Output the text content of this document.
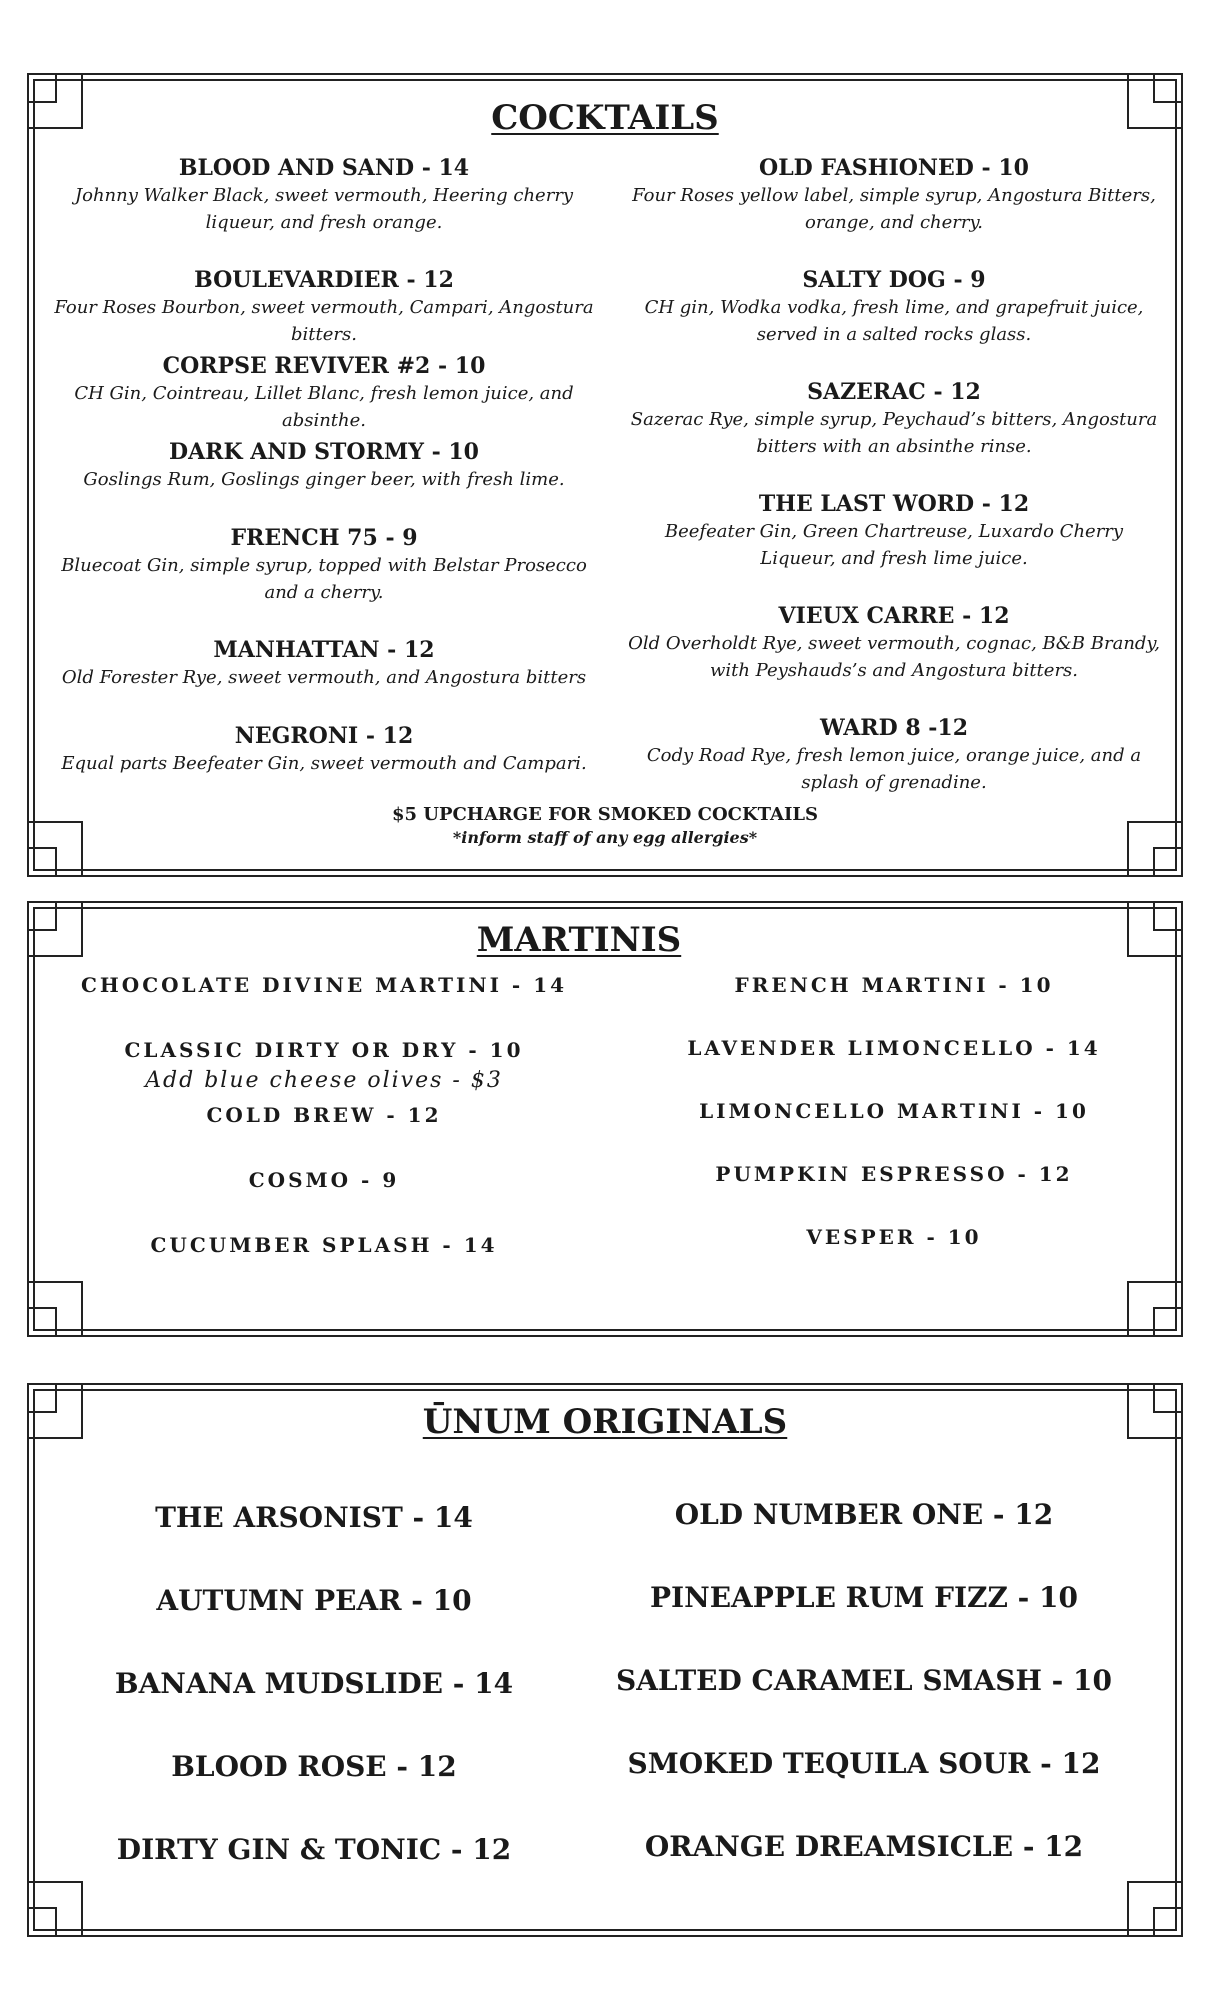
COCKTAILS
BLOOD AND SAND - 14
Johnny Walker Black, sweet vermouth, Heering cherry liqueur, and fresh orange.
BOULEVARDIER - 12
Four Roses Bourbon, sweet vermouth, Campari, Angostura bitters.
CORPSE REVIVER #2 - 10
CH Gin, Cointreau, Lillet Blanc, fresh lemon juice, and absinthe.
DARK AND STORMY - 10
Goslings Rum, Goslings ginger beer, with fresh lime.
FRENCH 75 - 9
Bluecoat Gin, simple syrup, topped with Belstar Prosecco and a cherry.
MANHATTAN - 12
Old Forester Rye, sweet vermouth, and Angostura bitters
NEGRONI - 12
Equal parts Beefeater Gin, sweet vermouth and Campari.
OLD FASHIONED - 10
Four Roses yellow label, simple syrup, Angostura Bitters, orange, and cherry.
SALTY DOG - 9
CH gin, Wodka vodka, fresh lime, and grapefruit juice, served in a salted rocks glass.
SAZERAC - 12
Sazerac Rye, simple syrup, Peychaud’s bitters, Angostura bitters with an absinthe rinse.
THE LAST WORD - 12
Beefeater Gin, Green Chartreuse, Luxardo Cherry Liqueur, and fresh lime juice.
VIEUX CARRE - 12
Old Overholdt Rye, sweet vermouth, cognac, B&B Brandy, with Peyshauds’s and Angostura bitters.
WARD 8 -12
Cody Road Rye, fresh lemon juice, orange juice, and a splash of grenadine.
$5 UPCHARGE FOR SMOKED COCKTAILS
*inform staff of any egg allergies*
MARTINIS
CHOCOLATE DIVINE MARTINI - 14
CLASSIC DIRTY OR DRY - 10
Add blue cheese olives - $3
COLD BREW - 12
COSMO - 9
CUCUMBER SPLASH - 14
FRENCH MARTINI - 10
LAVENDER LIMONCELLO - 14
LIMONCELLO MARTINI - 10
PUMPKIN ESPRESSO - 12
VESPER - 10
ŪNUM ORIGINALS
THE ARSONIST - 14
AUTUMN PEAR - 10
BANANA MUDSLIDE - 14
BLOOD ROSE - 12
DIRTY GIN & TONIC - 12
OLD NUMBER ONE - 12
PINEAPPLE RUM FIZZ - 10
SALTED CARAMEL SMASH - 10
SMOKED TEQUILA SOUR - 12
ORANGE DREAMSICLE - 12
